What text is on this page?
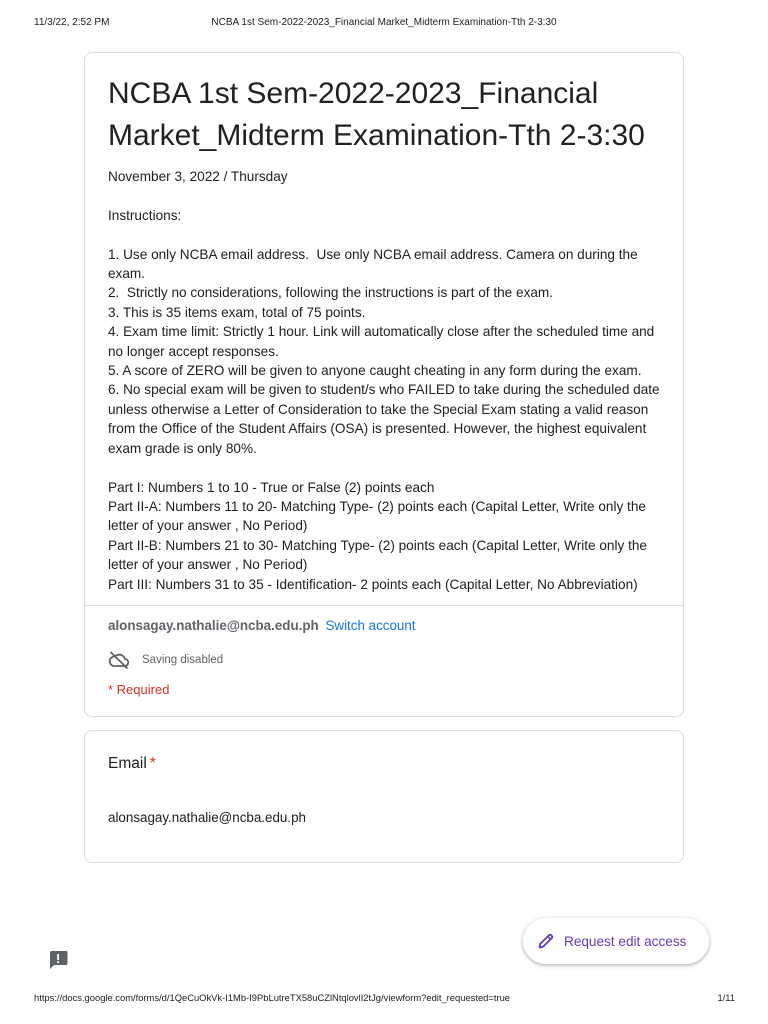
11/3/22, 2:52 PM	NCBA 1st Sem-2022-2023_Financial Market_Midterm Examination-Tth 2-3:30
NCBA 1st Sem-2022-2023_Financial Market_Midterm Examination-Tth 2-3:30
November 3, 2022 / Thursday

Instructions:

1. Use only NCBA email address.  Use only NCBA email address. Camera on during the exam.
2.  Strictly no considerations, following the instructions is part of the exam.
3. This is 35 items exam, total of 75 points.
4. Exam time limit: Strictly 1 hour. Link will automatically close after the scheduled time and no longer accept responses.
5. A score of ZERO will be given to anyone caught cheating in any form during the exam.
6. No special exam will be given to student/s who FAILED to take during the scheduled date unless otherwise a Letter of Consideration to take the Special Exam stating a valid reason from the Office of the Student Affairs (OSA) is presented. However, the highest equivalent exam grade is only 80%.

Part I: Numbers 1 to 10 - True or False (2) points each
Part II-A: Numbers 11 to 20- Matching Type- (2) points each (Capital Letter, Write only the letter of your answer , No Period)
Part II-B: Numbers 21 to 30- Matching Type- (2) points each (Capital Letter, Write only the letter of your answer , No Period)
Part III: Numbers 31 to 35 - Identification- 2 points each (Capital Letter, No Abbreviation)
alonsagay.nathalie@ncba.edu.ph Switch account
Saving disabled
* Required
Email *
alonsagay.nathalie@ncba.edu.ph
Request edit access
https://docs.google.com/forms/d/1QeCuOkVk-I1Mb-I9PbLutreTX58uCZlNtqlovlI2tJg/viewform?edit_requested=true	1/11
